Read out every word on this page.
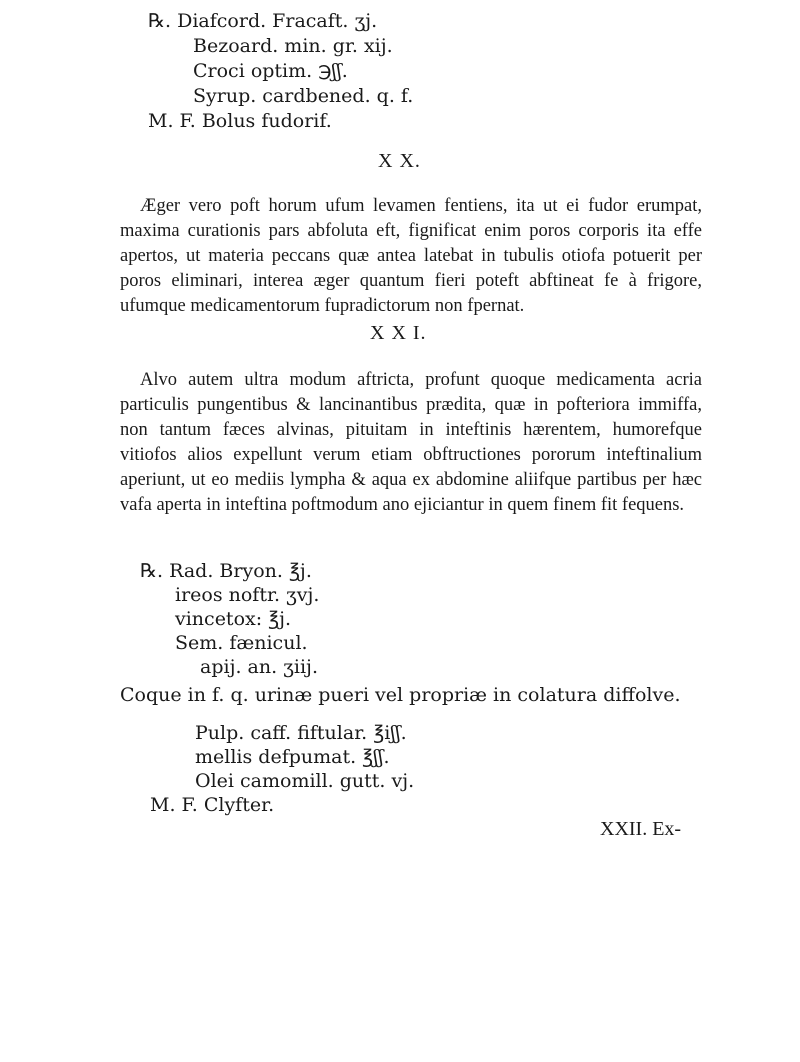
℞. Diafcord. Fracaft. ʒj.
Bezoard. min. gr. xij.
Croci optim. ℈ʃʃ.
Syrup. cardbened. q. f.
M. F. Bolus fudorif.
X X.
Æger vero poft horum ufum levamen fentiens, ita ut ei fudor erumpat, maxima curationis pars abfoluta eft, fignificat enim poros corporis ita effe apertos, ut materia peccans quæ antea latebat in tubulis otiofa potuerit per poros eliminari, interea æger quantum fieri poteft abftineat fe à frigore, ufumque medicamentorum fupradictorum non fpernat.
X X I.
Alvo autem ultra modum aftricta, profunt quoque medicamenta acria particulis pungentibus & lancinantibus prædita, quæ in pofteriora immiffa, non tantum fæces alvinas, pituitam in inteftinis hærentem, humorefque vitiofos alios expellunt verum etiam obftructiones pororum inteftinalium aperiunt, ut eo mediis lympha & aqua ex abdomine aliifque partibus per hæc vafa aperta in inteftina poftmodum ano ejiciantur in quem finem fit fequens.
℞. Rad. Bryon. ℥j.
ireos noftr. ʒvj.
vincetox: ℥j.
Sem. fænicul.
apij. an. ʒiij.
Coque in f. q. urinæ pueri vel propriæ in colatura diffolve.
Pulp. caff. fiftular. ℥iʃʃ.
mellis defpumat. ℥ʃʃ.
Olei camomill. gutt. vj.
M. F. Clyfter.
XXII. Ex-
